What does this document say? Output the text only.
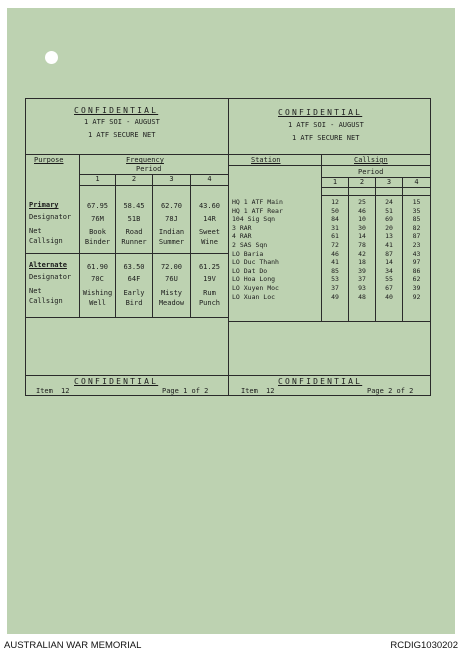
CONFIDENTIAL
1 ATF SOI - AUGUST
1 ATF SECURE NET
CONFIDENTIAL
1 ATF SOI - AUGUST
1 ATF SECURE NET
Purpose	Frequency
Period
1	2	3	4
Primary
Designator
Net
Callsign
67.95	58.45	62.70	43.60
76M	51B	78J	14R
Book	Road	Indian	Sweet
Binder	Runner	Summer	Wine
Alternate
Designator
Net
Callsign
61.90	63.50	72.00	61.25
70C	64F	76U	19V
Wishing	Early	Misty	Rum
Well	Bird	Meadow	Punch
Station	Callsign
Period
1	2	3	4
HQ 1 ATF Main	12	25	24	15
HQ 1 ATF Rear	50	46	51	35
104 Sig Sqn	84	10	69	85
3 RAR	31	30	20	82
4 RAR	61	14	13	87
2 SAS Sqn	72	78	41	23
LO Baria	46	42	87	43
LO Duc Thanh	41	18	14	97
LO Dat Do	85	39	34	86
LO Hoa Long	53	37	55	62
LO Xuyen Moc	37	93	67	39
LO Xuan Loc	49	48	40	92
CONFIDENTIAL	CONFIDENTIAL
Item 12	Page 1 of 2	Item 12	Page 2 of 2
AUSTRALIAN WAR MEMORIAL	RCDIG1030202
